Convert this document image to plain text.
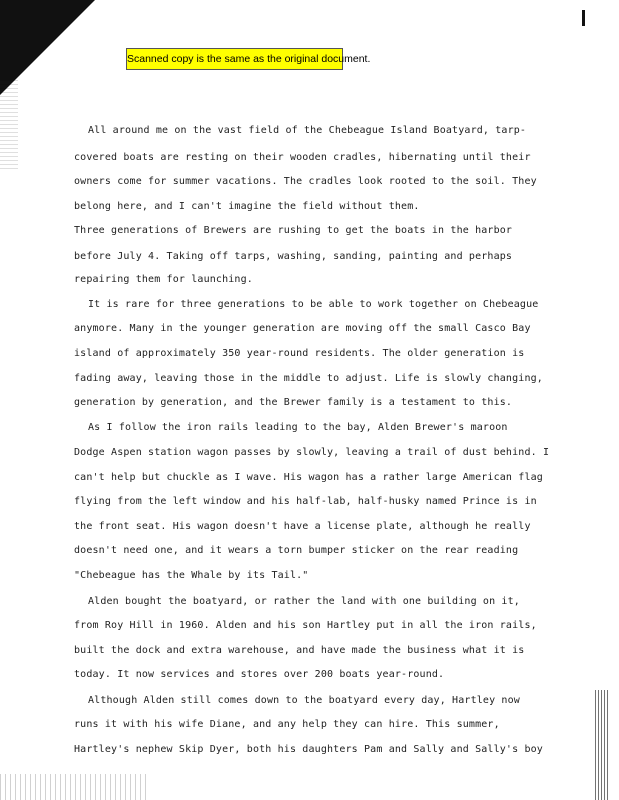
Scanned copy is the same as the original document.
All around me on the vast field of the Chebeague Island Boatyard, tarp-
covered boats are resting on their wooden cradles, hibernating until their
owners come for summer vacations. The cradles look rooted to the soil. They
belong here, and I can't imagine the field without them.
Three generations of Brewers are rushing to get the boats in the harbor
before July 4. Taking off tarps, washing, sanding, painting and perhaps
repairing them for launching.
It is rare for three generations to be able to work together on Chebeague
anymore. Many in the younger generation are moving off the small Casco Bay
island of approximately 350 year-round residents. The older generation is
fading away, leaving those in the middle to adjust. Life is slowly changing,
generation by generation, and the Brewer family is a testament to this.
As I follow the iron rails leading to the bay, Alden Brewer's maroon
Dodge Aspen station wagon passes by slowly, leaving a trail of dust behind. I
can't help but chuckle as I wave. His wagon has a rather large American flag
flying from the left window and his half-lab, half-husky named Prince is in
the front seat. His wagon doesn't have a license plate, although he really
doesn't need one, and it wears a torn bumper sticker on the rear reading
"Chebeague has the Whale by its Tail."
Alden bought the boatyard, or rather the land with one building on it,
from Roy Hill in 1960. Alden and his son Hartley put in all the iron rails,
built the dock and extra warehouse, and have made the business what it is
today. It now services and stores over 200 boats year-round.
Although Alden still comes down to the boatyard every day, Hartley now
runs it with his wife Diane, and any help they can hire. This summer,
Hartley's nephew Skip Dyer, both his daughters Pam and Sally and Sally's boy
